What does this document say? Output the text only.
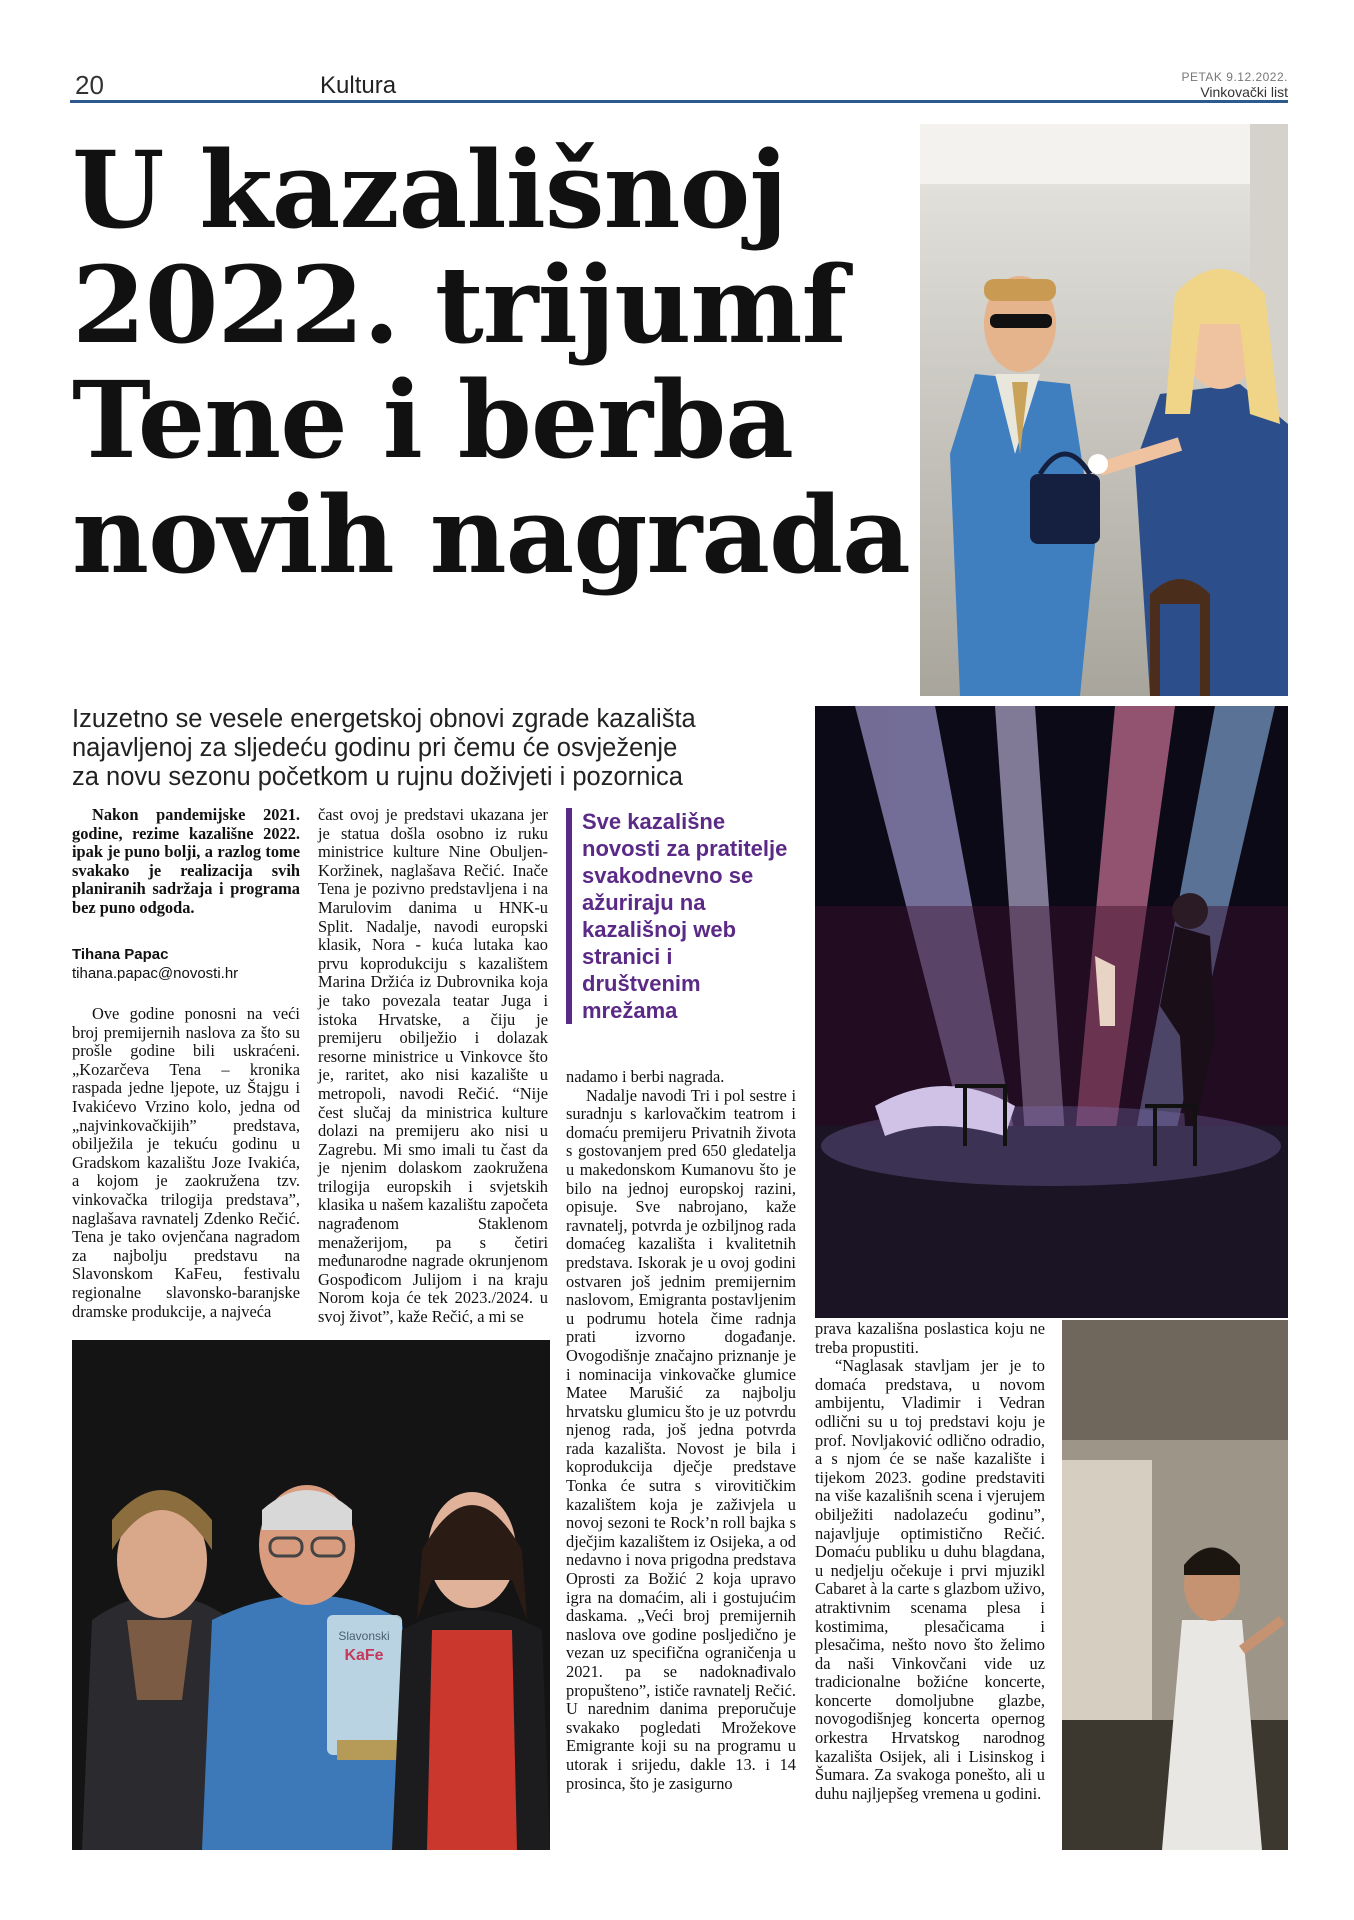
20	Kultura	PETAK 9.12.2022.
Vinkovački list
U kazališnoj
2022. trijumf
Tene i berba
novih nagrada
Izuzetno se vesele energetskoj obnovi zgrade kazališta
najavljenoj za sljedeću godinu pri čemu će osvježenje
za novu sezonu početkom u rujnu doživjeti i pozornica

Nakon pandemijske 2021. godine, rezime kazališne 2022. ipak je puno bolji, a razlog tome svakako je realizacija svih planiranih sadržaja i programa bez puno odgoda.

Tihana Papac
tihana.papac@novosti.hr

Ove godine ponosni na veći broj premijernih naslova za što su prošle godine bili uskraćeni. „Kozarčeva Tena – kronika raspada jedne ljepote, uz Štajgu i Ivakićevo Vrzino kolo, jedna od „najvinkovačkijih” predstava, obilježila je tekuću godinu u Gradskom kazalištu Joze Ivakića, a kojom je zaokružena tzv. vinkovačka trilogija predstava”, naglašava ravnatelj Zdenko Rečić. Tena je tako ovjenčana nagradom za najbolju predstavu na Slavonskom KaFeu, festivalu regionalne slavonsko-baranjske dramske produkcije, a najveća

čast ovoj je predstavi ukazana jer je statua došla osobno iz ruku ministrice kulture Nine Obuljen-Koržinek, naglašava Rečić. Inače Tena je pozivno predstavljena i na Marulovim danima u HNK-u Split. Nadalje, navodi europski klasik, Nora - kuća lutaka kao prvu koprodukciju s kazalištem Marina Držića iz Dubrovnika koja je tako povezala teatar Juga i istoka Hrvatske, a čiju je premijeru obilježio i dolazak resorne ministrice u Vinkovce što je, raritet, ako nisi kazalište u metropoli, navodi Rečić. “Nije čest slučaj da ministrica kulture dolazi na premijeru ako nisi u Zagrebu. Mi smo imali tu čast da je njenim dolaskom zaokružena trilogija europskih i svjetskih klasika u našem kazalištu započeta nagrađenom Staklenom menažerijom, pa s četiri međunarodne nagrade okrunjenom Gospođicom Julijom i na kraju Norom koja će tek 2023./2024. u svoj život”, kaže Rečić, a mi se

Sve kazališne novosti za pratitelje svakodnevno se ažuriraju na kazališnoj web stranici i društvenim mrežama

nadamo i berbi nagrada.

Nadalje navodi Tri i pol sestre i suradnju s karlovačkim teatrom i domaću premijeru Privatnih života s gostovanjem pred 650 gledatelja u makedonskom Kumanovu što je bilo na jednoj europskoj razini, opisuje. Sve nabrojano, kaže ravnatelj, potvrda je ozbiljnog rada domaćeg kazališta i kvalitetnih predstava. Iskorak je u ovoj godini ostvaren još jednim premijernim naslovom, Emigranta postavljenim u podrumu hotela čime radnja prati izvorno događanje. Ovogodišnje značajno priznanje je i nominacija vinkovačke glumice Matee Marušić za najbolju hrvatsku glumicu što je uz potvrdu njenog rada, još jedna potvrda rada kazališta. Novost je bila i koprodukcija dječje predstave Tonka će sutra s virovitičkim kazalištem koja je zaživjela u novoj sezoni te Rock’n roll bajka s dječjim kazalištem iz Osijeka, a od nedavno i nova prigodna predstava Oprosti za Božić 2 koja upravo igra na domaćim, ali i gostujućim daskama. „Veći broj premijernih naslova ove godine posljedično je vezan uz specifična ograničenja u 2021. pa se nadoknađivalo propušteno”, ističe ravnatelj Rečić. U narednim danima preporučuje svakako pogledati Mrožekove Emigrante koji su na programu u utorak i srijedu, dakle 13. i 14 prosinca, što je zasigurno

prava kazališna poslastica koju ne treba propustiti.

“Naglasak stavljam jer je to domaća predstava, u novom ambijentu, Vladimir i Vedran odlični su u toj predstavi koju je prof. Novljaković odlično odradio, a s njom će se naše kazalište i tijekom 2023. godine predstaviti na više kazališnih scena i vjerujem obilježiti nadolazeću godinu”, najavljuje optimistično Rečić. Domaću publiku u duhu blagdana, u nedjelju očekuje i prvi mjuzikl Cabaret à la carte s glazbom uživo, atraktivnim scenama plesa i kostimima, plesačicama i plesačima, nešto novo što želimo da naši Vinkovčani vide uz tradicionalne božićne koncerte, koncerte domoljubne glazbe, novogodišnjeg koncerta opernog orkestra Hrvatskog narodnog kazališta Osijek, ali i Lisinskog i Šumara. Za svakoga ponešto, ali u duhu najljepšeg vremena u godini.

Slavonski
KaFe
